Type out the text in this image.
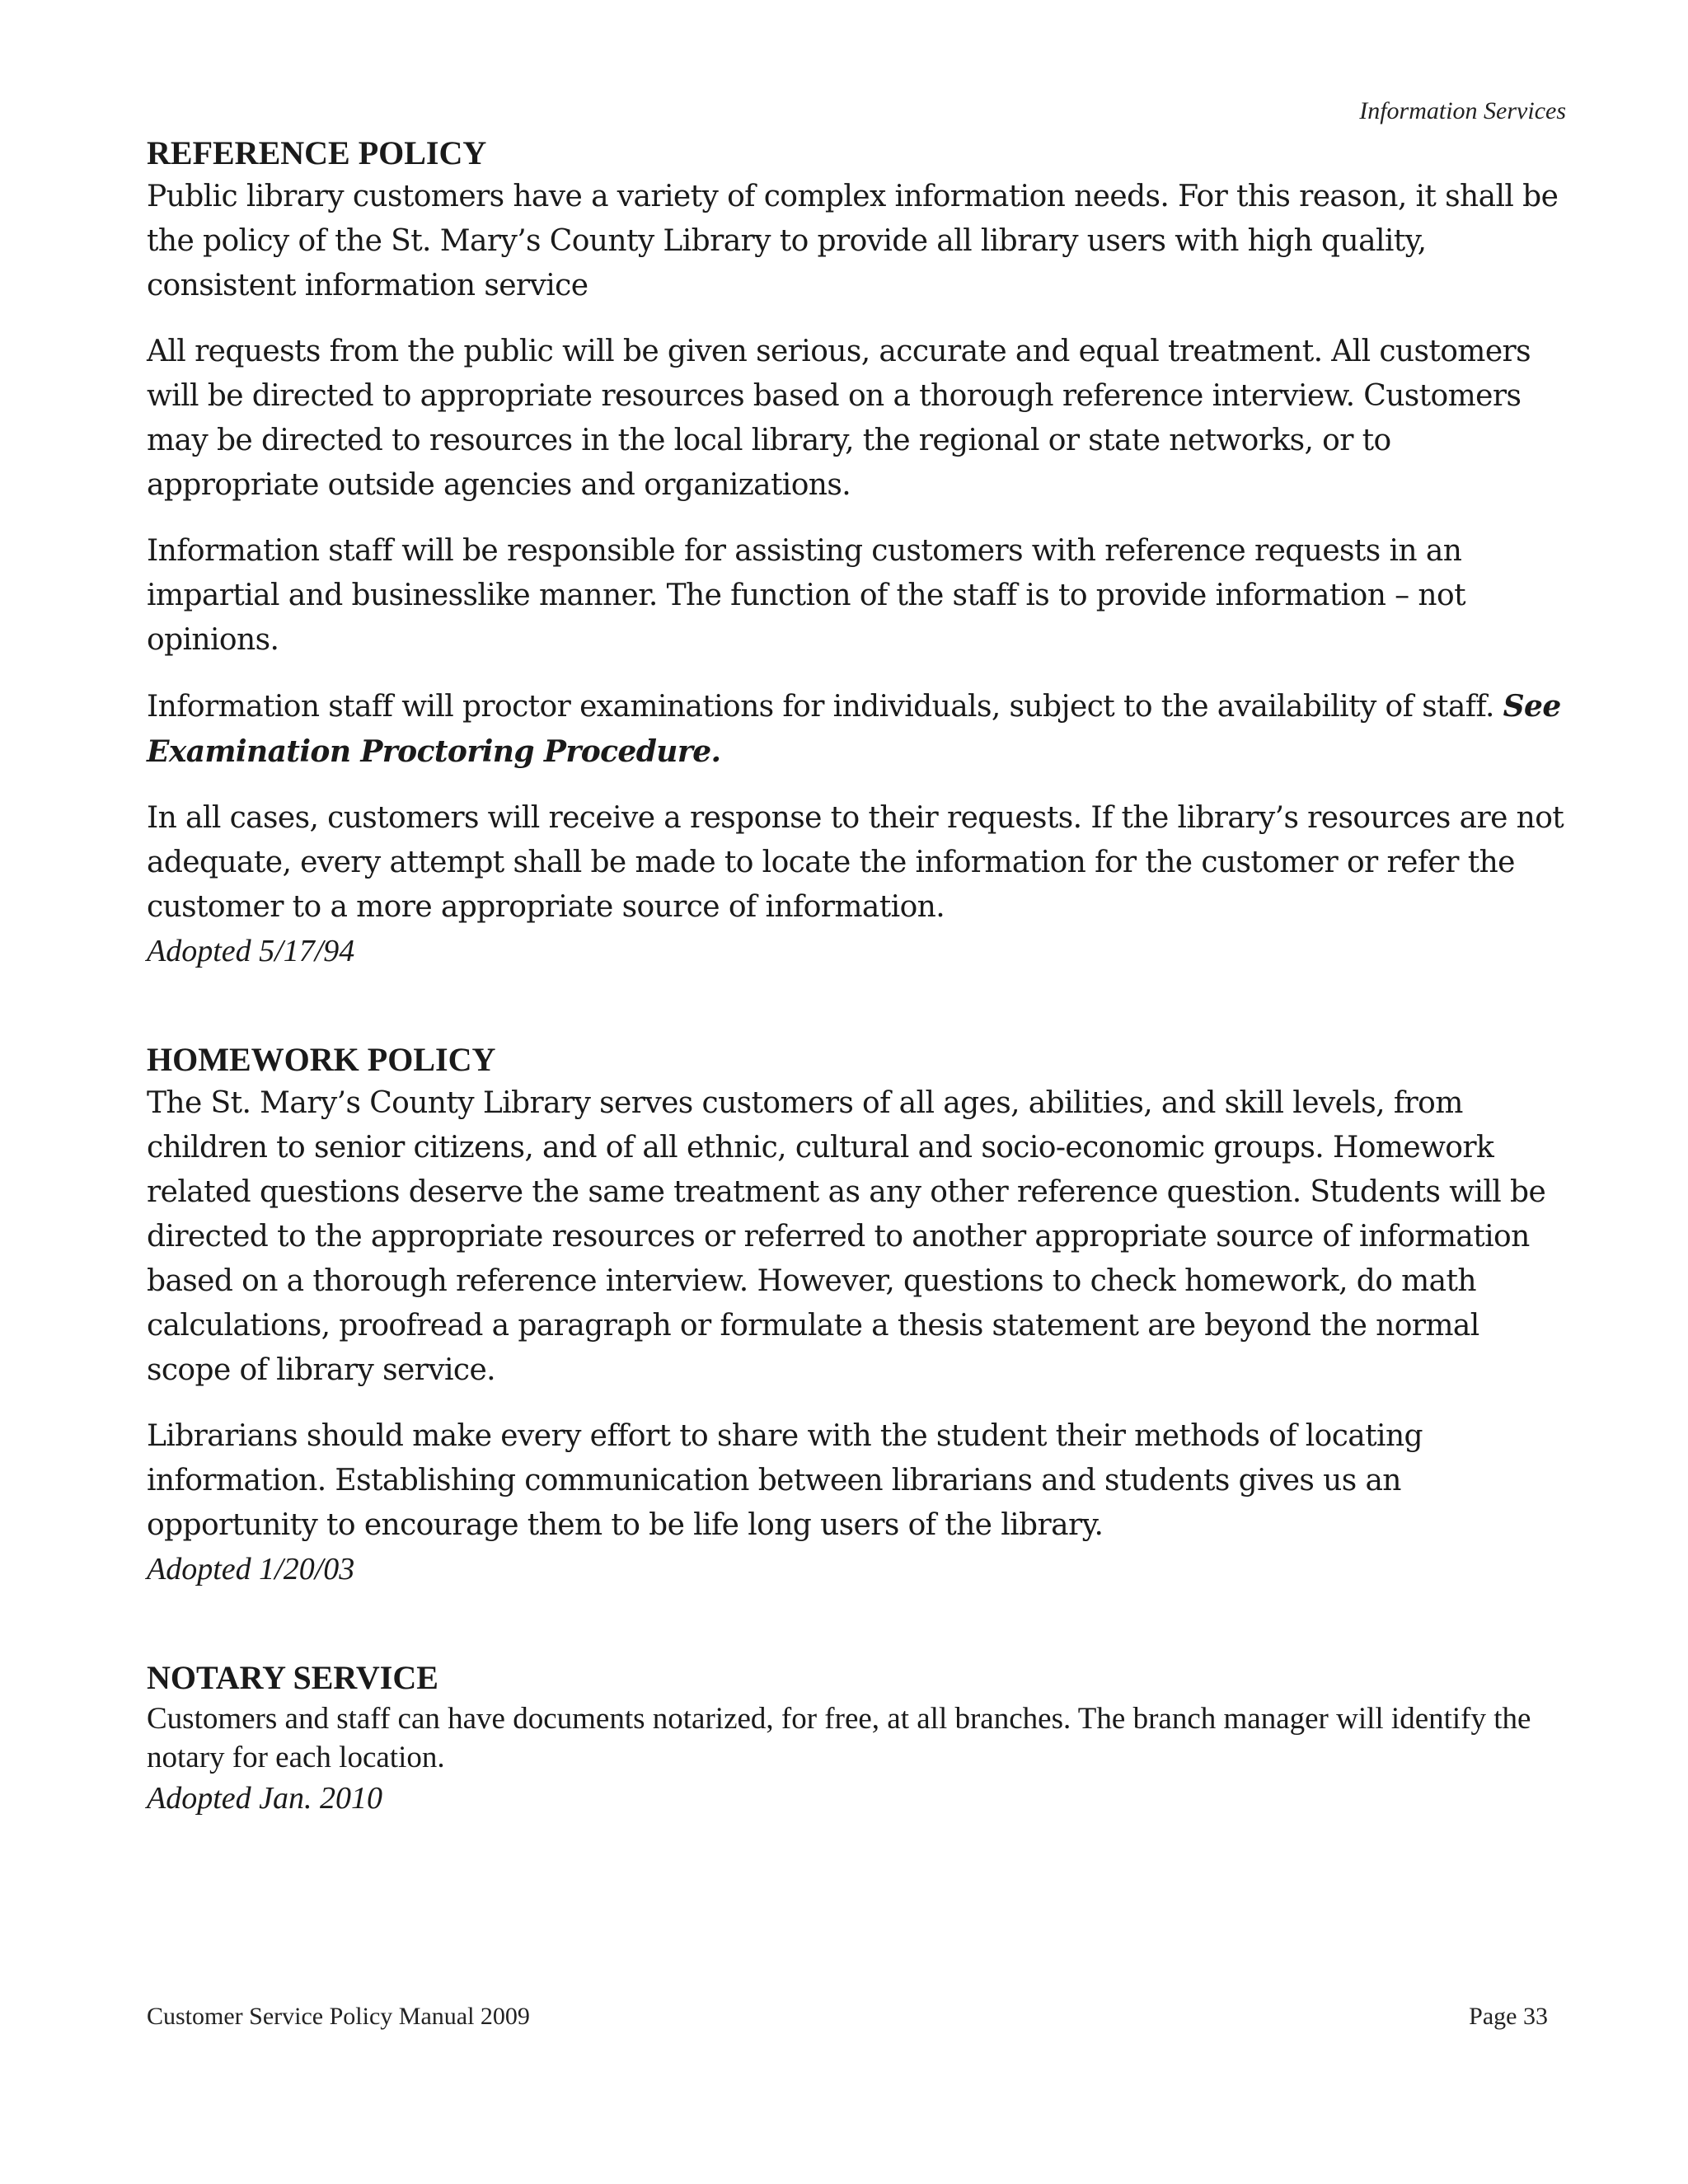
Information Services
REFERENCE POLICY

Public library customers have a variety of complex information needs. For this reason, it shall be the policy of the St. Mary’s County Library to provide all library users with high quality, consistent information service

All requests from the public will be given serious, accurate and equal treatment. All customers will be directed to appropriate resources based on a thorough reference interview. Customers may be directed to resources in the local library, the regional or state networks, or to appropriate outside agencies and organizations.

Information staff will be responsible for assisting customers with reference requests in an impartial and businesslike manner. The function of the staff is to provide information – not opinions.

Information staff will proctor examinations for individuals, subject to the availability of staff. See Examination Proctoring Procedure.

In all cases, customers will receive a response to their requests. If the library’s resources are not adequate, every attempt shall be made to locate the information for the customer or refer the customer to a more appropriate source of information.

Adopted 5/17/94

HOMEWORK POLICY

The St. Mary’s County Library serves customers of all ages, abilities, and skill levels, from children to senior citizens, and of all ethnic, cultural and socio-economic groups. Homework related questions deserve the same treatment as any other reference question. Students will be directed to the appropriate resources or referred to another appropriate source of information based on a thorough reference interview. However, questions to check homework, do math calculations, proofread a paragraph or formulate a thesis statement are beyond the normal scope of library service.

Librarians should make every effort to share with the student their methods of locating information. Establishing communication between librarians and students gives us an opportunity to encourage them to be life long users of the library.

Adopted 1/20/03

NOTARY SERVICE

Customers and staff can have documents notarized, for free, at all branches. The branch manager will identify the notary for each location.

Adopted Jan. 2010

Customer Service Policy Manual 2009	Page 33
